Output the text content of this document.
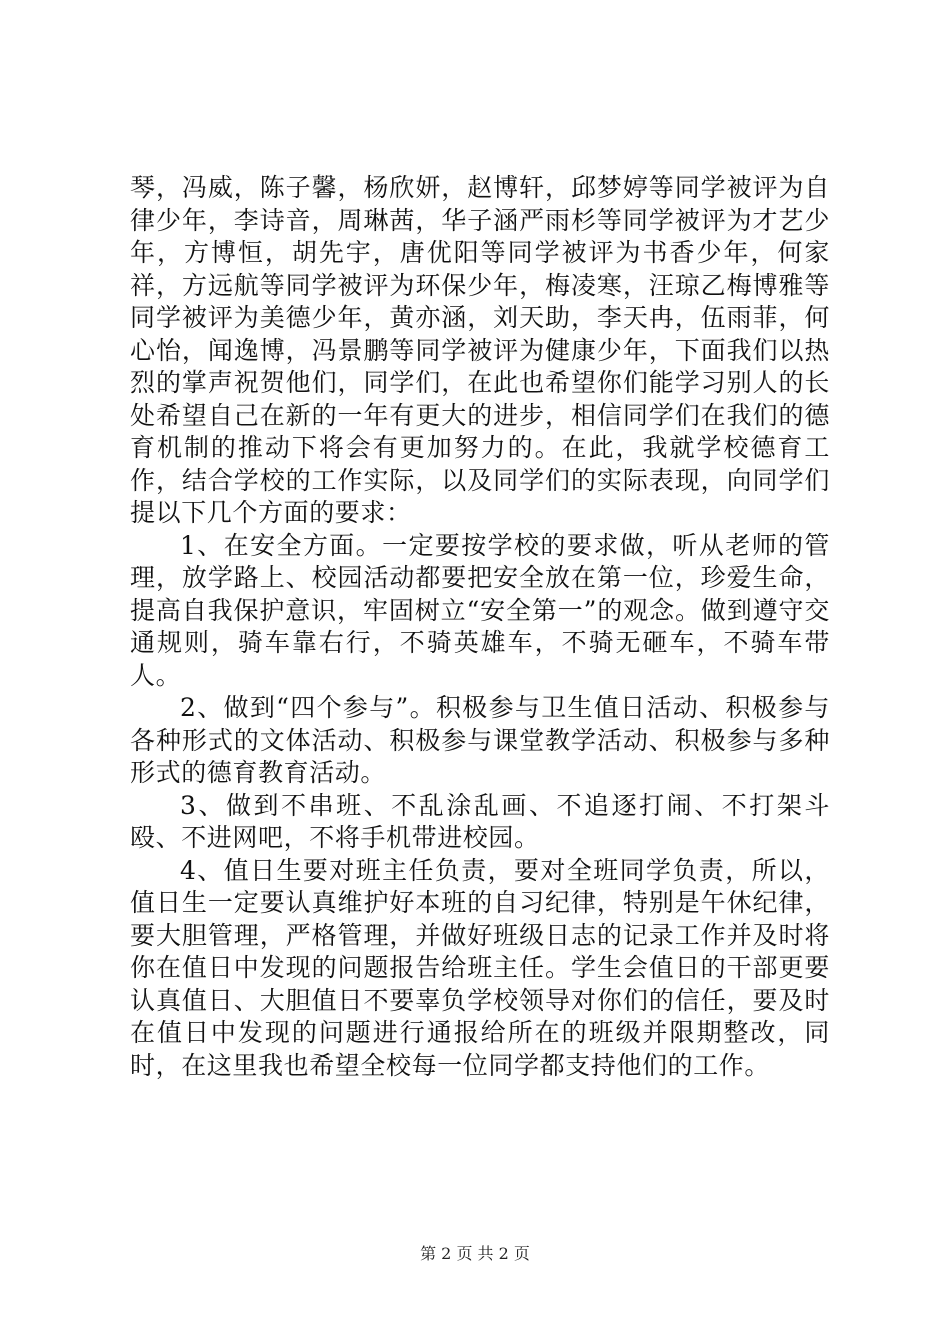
琴，冯威，陈子馨，杨欣妍，赵博轩，邱梦婷等同学被评为自律少年，李诗音，周琳茜，华子涵严雨杉等同学被评为才艺少年，方博恒，胡先宇，唐优阳等同学被评为书香少年，何家祥，方远航等同学被评为环保少年，梅凌寒，汪琼乙梅博雅等同学被评为美德少年，黄亦涵，刘天助，李天冉，伍雨菲，何心怡，闻逸博，冯景鹏等同学被评为健康少年，下面我们以热烈的掌声祝贺他们，同学们，在此也希望你们能学习别人的长处希望自己在新的一年有更大的进步，相信同学们在我们的德育机制的推动下将会有更加努力的。在此，我就学校德育工作，结合学校的工作实际，以及同学们的实际表现，向同学们提以下几个方面的要求：

1、在安全方面。一定要按学校的要求做，听从老师的管理，放学路上、校园活动都要把安全放在第一位，珍爱生命，提高自我保护意识，牢固树立“安全第一”的观念。做到遵守交通规则，骑车靠右行，不骑英雄车，不骑无砸车，不骑车带人。

2、做到“四个参与”。积极参与卫生值日活动、积极参与各种形式的文体活动、积极参与课堂教学活动、积极参与多种形式的德育教育活动。

3、做到不串班、不乱涂乱画、不追逐打闹、不打架斗殴、不进网吧，不将手机带进校园。

4、值日生要对班主任负责，要对全班同学负责，所以，值日生一定要认真维护好本班的自习纪律，特别是午休纪律，要大胆管理，严格管理，并做好班级日志的记录工作并及时将你在值日中发现的问题报告给班主任。学生会值日的干部更要认真值日、大胆值日不要辜负学校领导对你们的信任，要及时在值日中发现的问题进行通报给所在的班级并限期整改，同时，在这里我也希望全校每一位同学都支持他们的工作。

第 2 页 共 2 页
